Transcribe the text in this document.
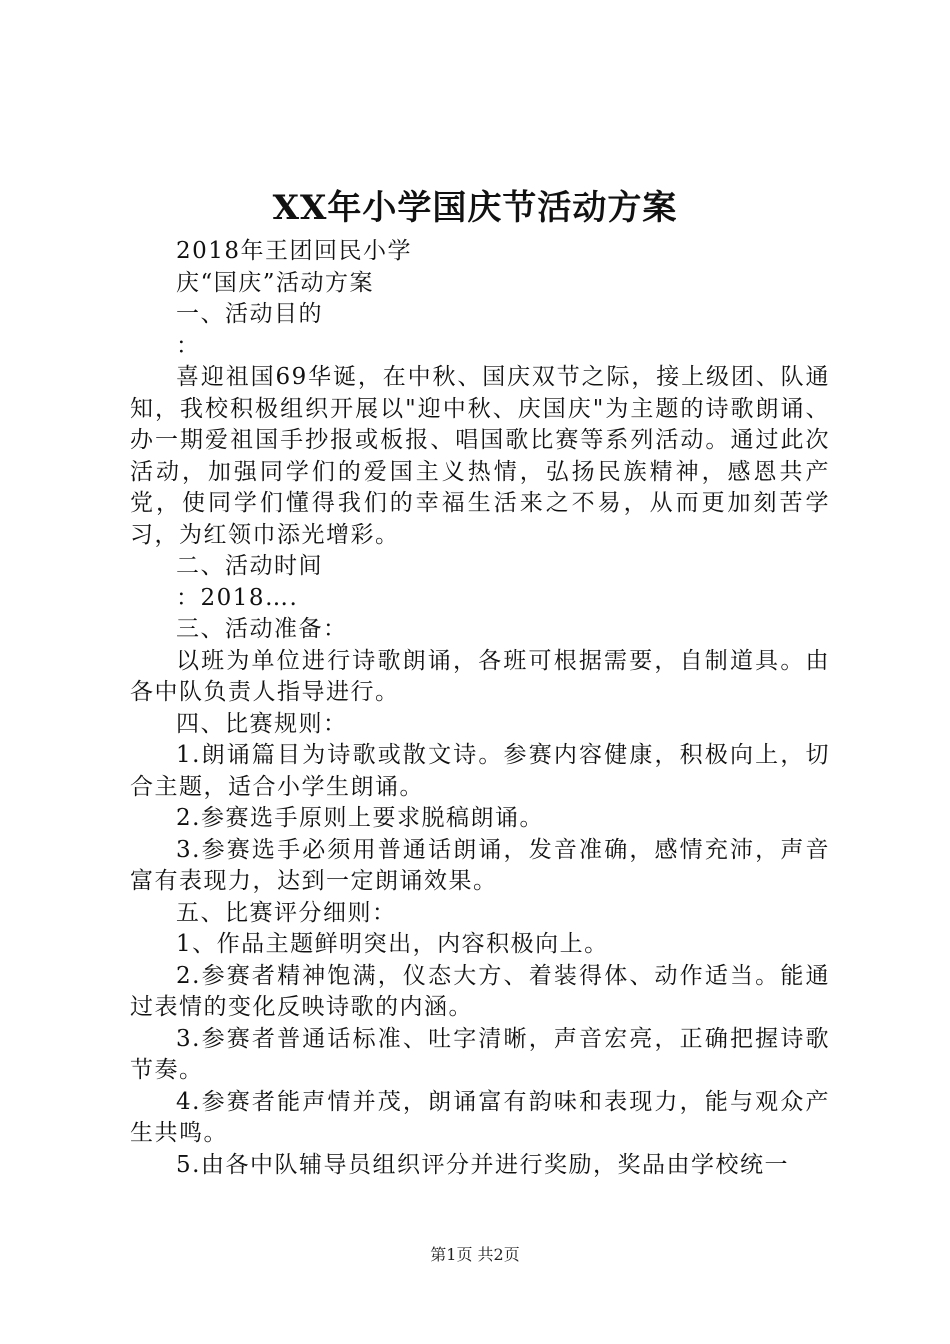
XX年小学国庆节活动方案

2018年王团回民小学

庆“国庆”活动方案

一、活动目的

：

喜迎祖国69华诞，在中秋、国庆双节之际，接上级团、队通知，我校积极组织开展以"迎中秋、庆国庆"为主题的诗歌朗诵、办一期爱祖国手抄报或板报、唱国歌比赛等系列活动。通过此次活动，加强同学们的爱国主义热情，弘扬民族精神，感恩共产党，使同学们懂得我们的幸福生活来之不易，从而更加刻苦学习，为红领巾添光增彩。

二、活动时间

：2018….

三、活动准备：

以班为单位进行诗歌朗诵，各班可根据需要，自制道具。由各中队负责人指导进行。

四、比赛规则：

1.朗诵篇目为诗歌或散文诗。参赛内容健康，积极向上，切合主题，适合小学生朗诵。

2.参赛选手原则上要求脱稿朗诵。

3.参赛选手必须用普通话朗诵，发音准确，感情充沛，声音富有表现力，达到一定朗诵效果。

五、比赛评分细则：

1、作品主题鲜明突出，内容积极向上。

2.参赛者精神饱满，仪态大方、着装得体、动作适当。能通过表情的变化反映诗歌的内涵。

3.参赛者普通话标准、吐字清晰，声音宏亮，正确把握诗歌节奏。

4.参赛者能声情并茂，朗诵富有韵味和表现力，能与观众产生共鸣。

5.由各中队辅导员组织评分并进行奖励，奖品由学校统一

第1页 共2页
